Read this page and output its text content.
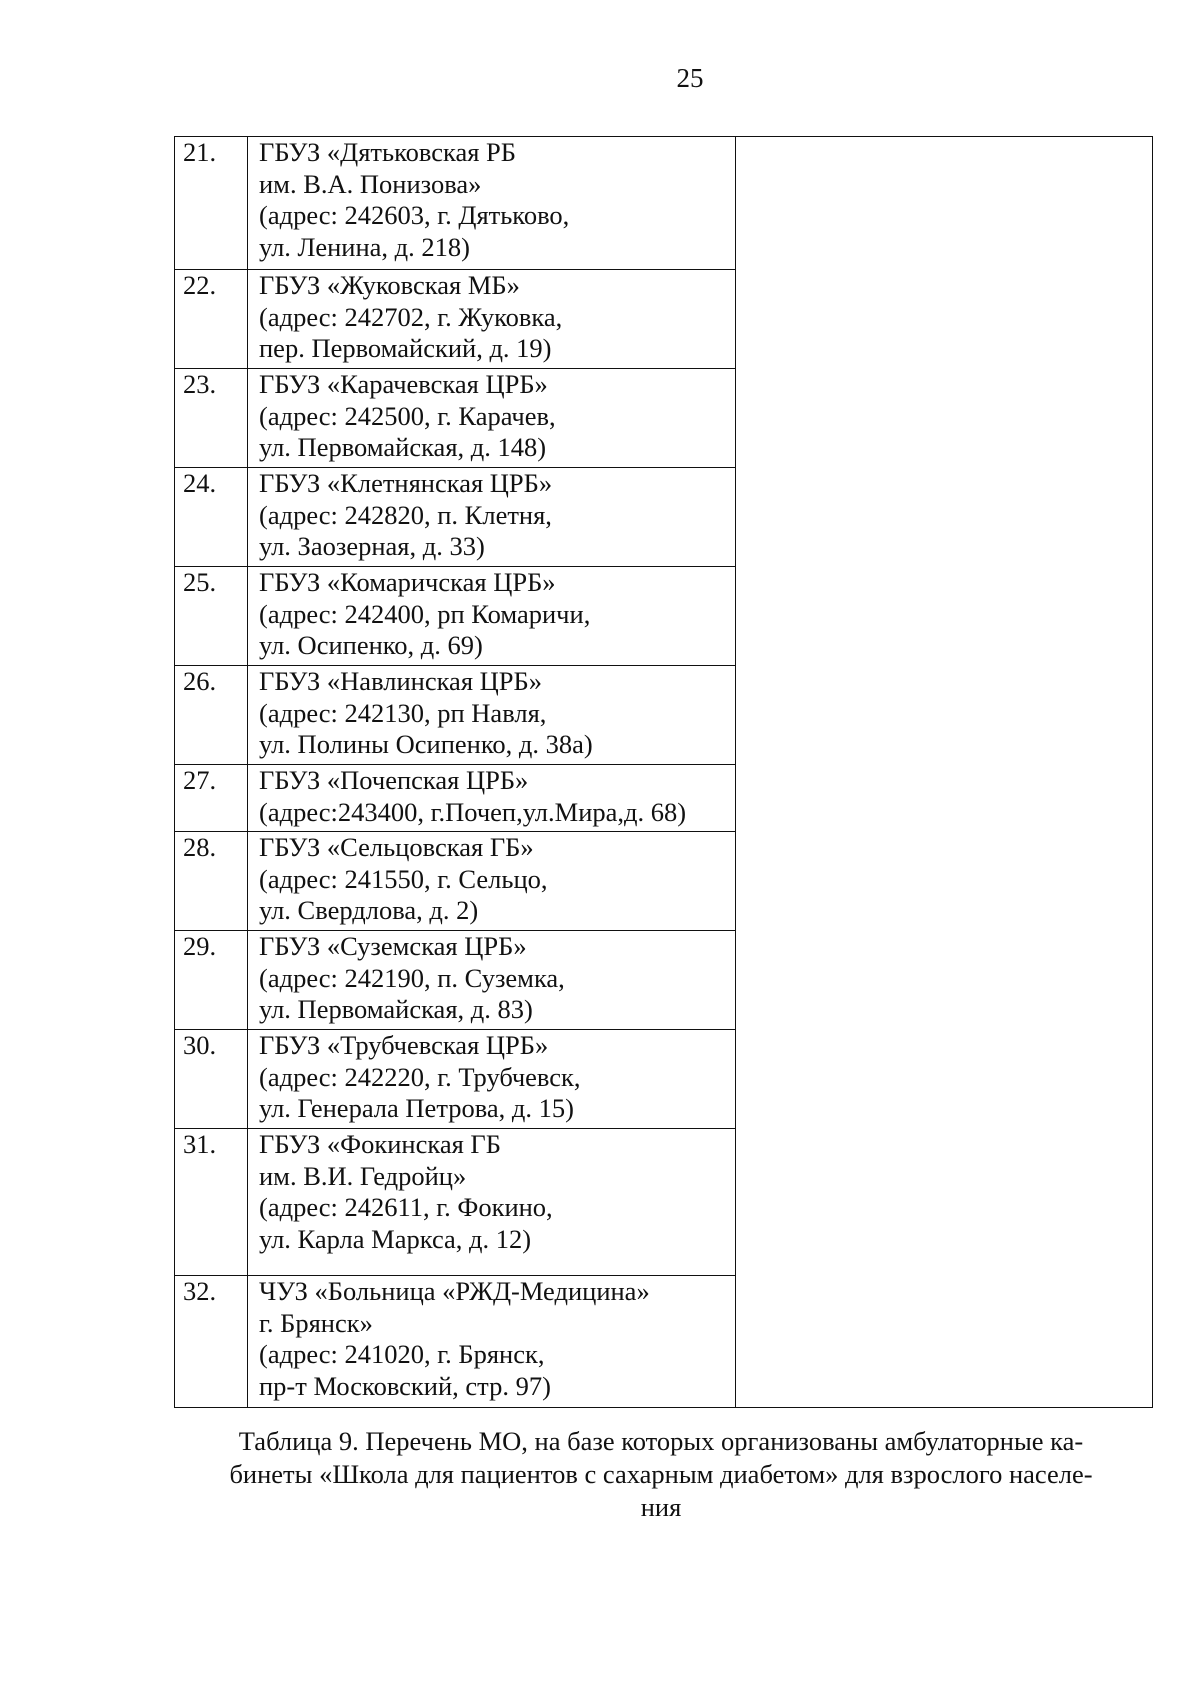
25
21.	ГБУЗ «Дятьковская РБ
им. В.А. Понизова»
(адрес: 242603, г. Дятьково,
ул. Ленина, д. 218)	

22.	ГБУЗ «Жуковская МБ»
(адрес: 242702, г. Жуковка,
пер. Первомайский, д. 19)	

23.	ГБУЗ «Карачевская ЦРБ»
(адрес: 242500, г. Карачев,
ул. Первомайская, д. 148)	

24.	ГБУЗ «Клетнянская ЦРБ»
(адрес: 242820, п. Клетня,
ул. Заозерная, д. 33)	

25.	ГБУЗ «Комаричская ЦРБ»
(адрес: 242400, рп Комаричи,
ул. Осипенко, д. 69)	

26.	ГБУЗ «Навлинская ЦРБ»
(адрес: 242130, рп Навля,
ул. Полины Осипенко, д. 38а)	

27.	ГБУЗ «Почепская ЦРБ»
(адрес:243400, г.Почеп,ул.Мира,д. 68)	

28.	ГБУЗ «Сельцовская ГБ»
(адрес: 241550, г. Сельцо,
ул. Свердлова, д. 2)	

29.	ГБУЗ «Суземская ЦРБ»
(адрес: 242190, п. Суземка,
ул. Первомайская, д. 83)	

30.	ГБУЗ «Трубчевская ЦРБ»
(адрес: 242220, г. Трубчевск,
ул. Генерала Петрова, д. 15)	

31.	ГБУЗ «Фокинская ГБ
им. В.И. Гедройц»
(адрес: 242611, г. Фокино,
ул. Карла Маркса, д. 12)	

32.	ЧУЗ «Больница «РЖД-Медицина»
г. Брянск»
(адрес: 241020, г. Брянск,
пр-т Московский, стр. 97)	
Таблица 9. Перечень МО, на базе которых организованы амбулаторные ка-
бинеты «Школа для пациентов с сахарным диабетом» для взрослого населе-
ния
